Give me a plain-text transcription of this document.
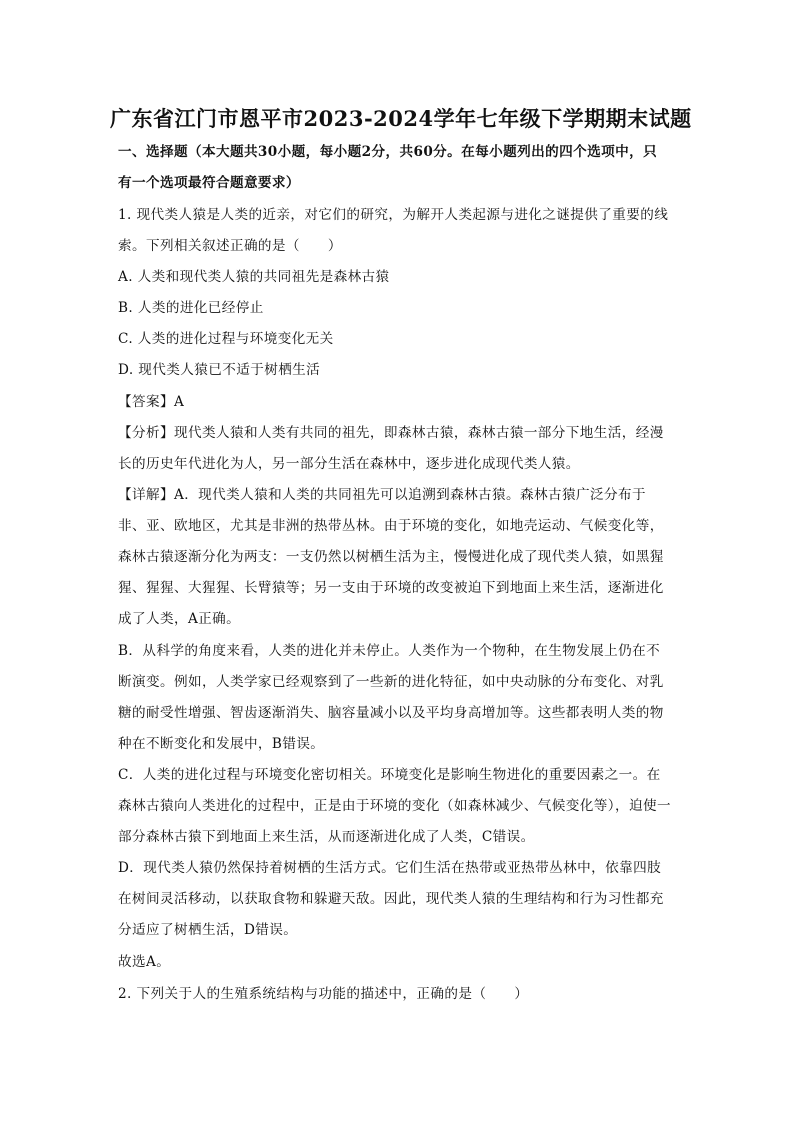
广东省江门市恩平市2023-2024学年七年级下学期期末试题
一、选择题（本大题共30小题，每小题2分，共60分。在每小题列出的四个选项中，只
有一个选项最符合题意要求）
1. 现代类人猿是人类的近亲，对它们的研究，为解开人类起源与进化之谜提供了重要的线
索。下列相关叙述正确的是（　　）
A. 人类和现代类人猿的共同祖先是森林古猿
B. 人类的进化已经停止
C. 人类的进化过程与环境变化无关
D. 现代类人猿已不适于树栖生活
【答案】A
【分析】现代类人猿和人类有共同的祖先，即森林古猿，森林古猿一部分下地生活，经漫
长的历史年代进化为人，另一部分生活在森林中，逐步进化成现代类人猿。
【详解】A．现代类人猿和人类的共同祖先可以追溯到森林古猿。森林古猿广泛分布于
非、亚、欧地区，尤其是非洲的热带丛林。由于环境的变化，如地壳运动、气候变化等，
森林古猿逐渐分化为两支：一支仍然以树栖生活为主，慢慢进化成了现代类人猿，如黑猩
猩、猩猩、大猩猩、长臂猿等；另一支由于环境的改变被迫下到地面上来生活，逐渐进化
成了人类，A正确。
B．从科学的角度来看，人类的进化并未停止。人类作为一个物种，在生物发展上仍在不
断演变。例如，人类学家已经观察到了一些新的进化特征，如中央动脉的分布变化、对乳
糖的耐受性增强、智齿逐渐消失、脑容量减小以及平均身高增加等。这些都表明人类的物
种在不断变化和发展中，B错误。
C．人类的进化过程与环境变化密切相关。环境变化是影响生物进化的重要因素之一。在
森林古猿向人类进化的过程中，正是由于环境的变化（如森林减少、气候变化等），迫使一
部分森林古猿下到地面上来生活，从而逐渐进化成了人类，C错误。
D．现代类人猿仍然保持着树栖的生活方式。它们生活在热带或亚热带丛林中，依靠四肢
在树间灵活移动，以获取食物和躲避天敌。因此，现代类人猿的生理结构和行为习性都充
分适应了树栖生活，D错误。
故选A。
2. 下列关于人的生殖系统结构与功能的描述中，正确的是（　　）
